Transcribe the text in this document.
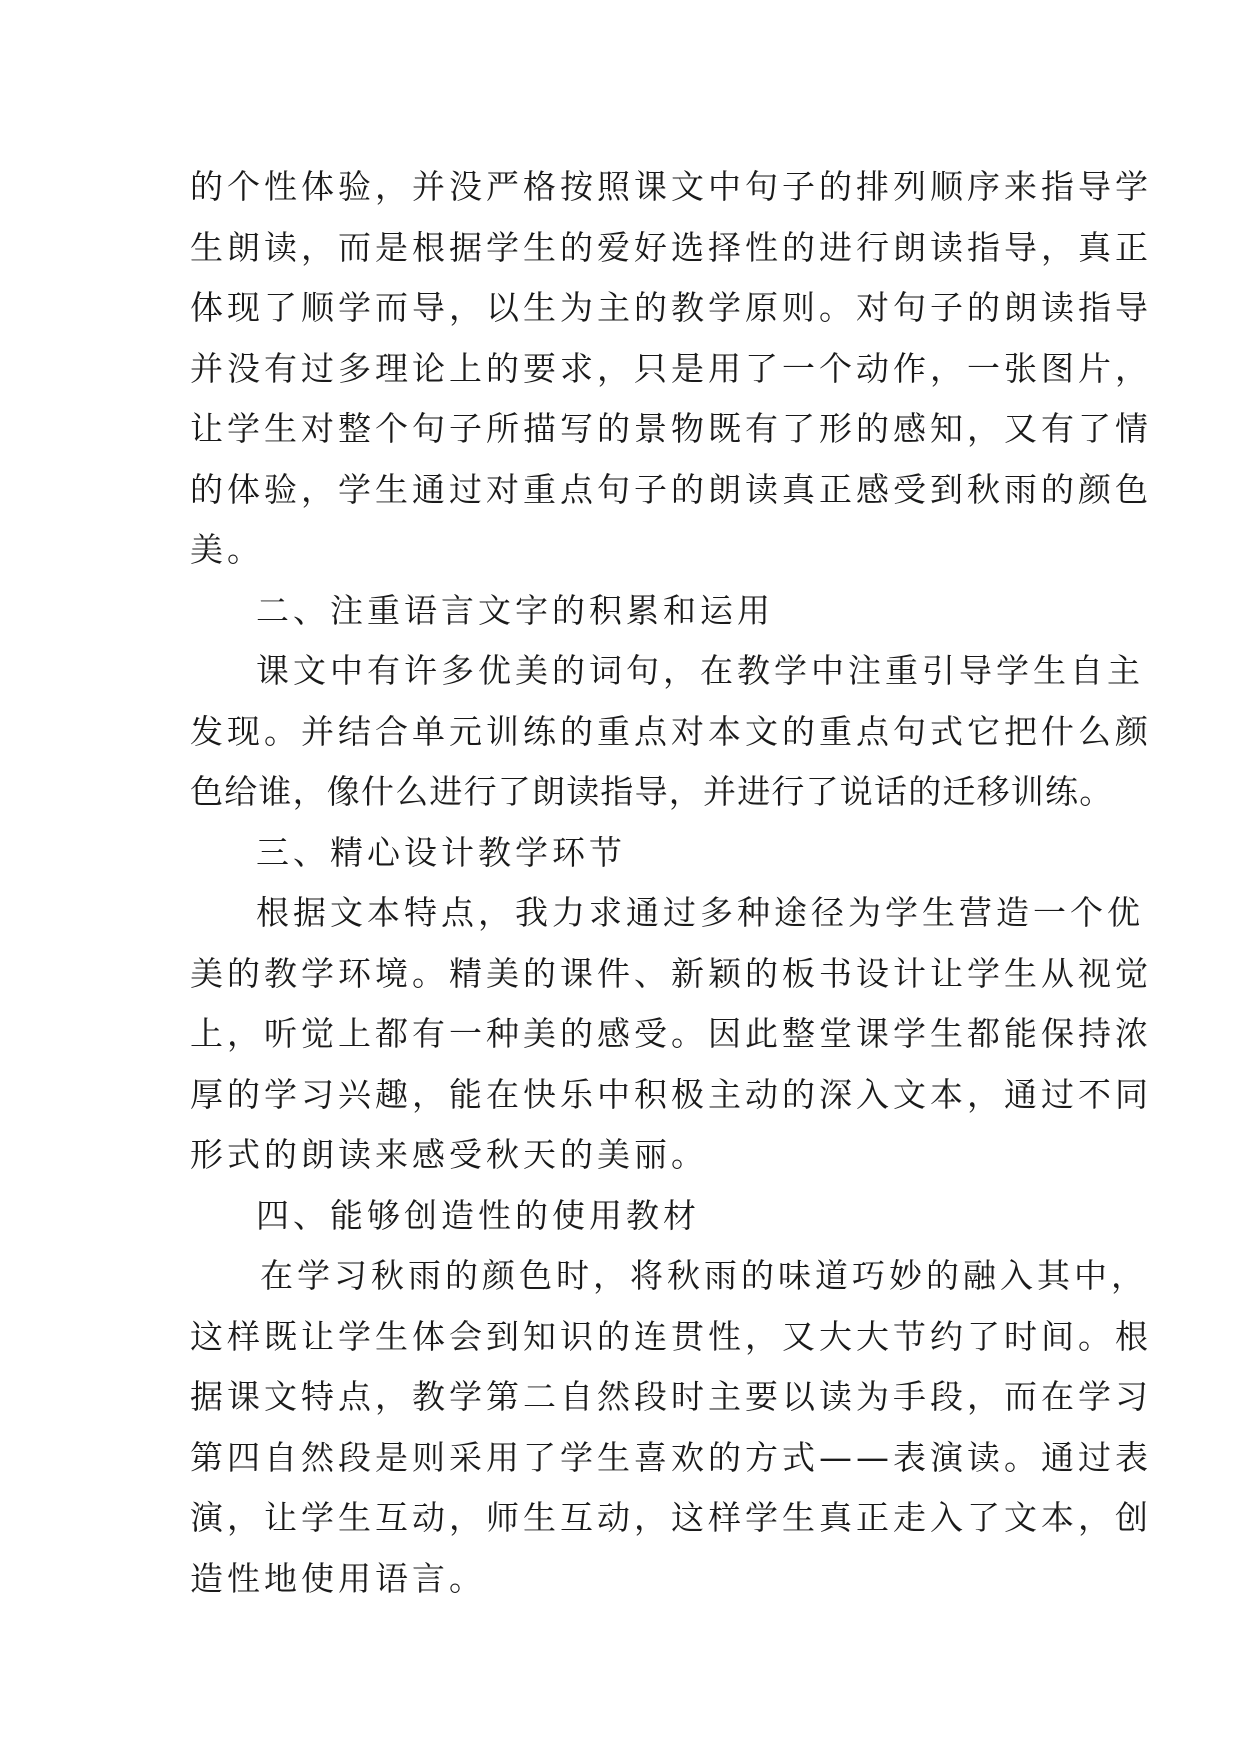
的个性体验，并没严格按照课文中句子的排列顺序来指导学
生朗读，而是根据学生的爱好选择性的进行朗读指导，真正
体现了顺学而导，以生为主的教学原则。对句子的朗读指导
并没有过多理论上的要求，只是用了一个动作，一张图片，
让学生对整个句子所描写的景物既有了形的感知，又有了情
的体验，学生通过对重点句子的朗读真正感受到秋雨的颜色
美。
二、注重语言文字的积累和运用
课文中有许多优美的词句，在教学中注重引导学生自主
发现。并结合单元训练的重点对本文的重点句式它把什么颜
色给谁，像什么进行了朗读指导，并进行了说话的迁移训练。
三、精心设计教学环节
根据文本特点，我力求通过多种途径为学生营造一个优
美的教学环境。精美的课件、新颖的板书设计让学生从视觉
上，听觉上都有一种美的感受。因此整堂课学生都能保持浓
厚的学习兴趣，能在快乐中积极主动的深入文本，通过不同
形式的朗读来感受秋天的美丽。
四、能够创造性的使用教材
在学习秋雨的颜色时，将秋雨的味道巧妙的融入其中，
这样既让学生体会到知识的连贯性，又大大节约了时间。根
据课文特点，教学第二自然段时主要以读为手段，而在学习
第四自然段是则采用了学生喜欢的方式——表演读。通过表
演，让学生互动，师生互动，这样学生真正走入了文本，创
造性地使用语言。
